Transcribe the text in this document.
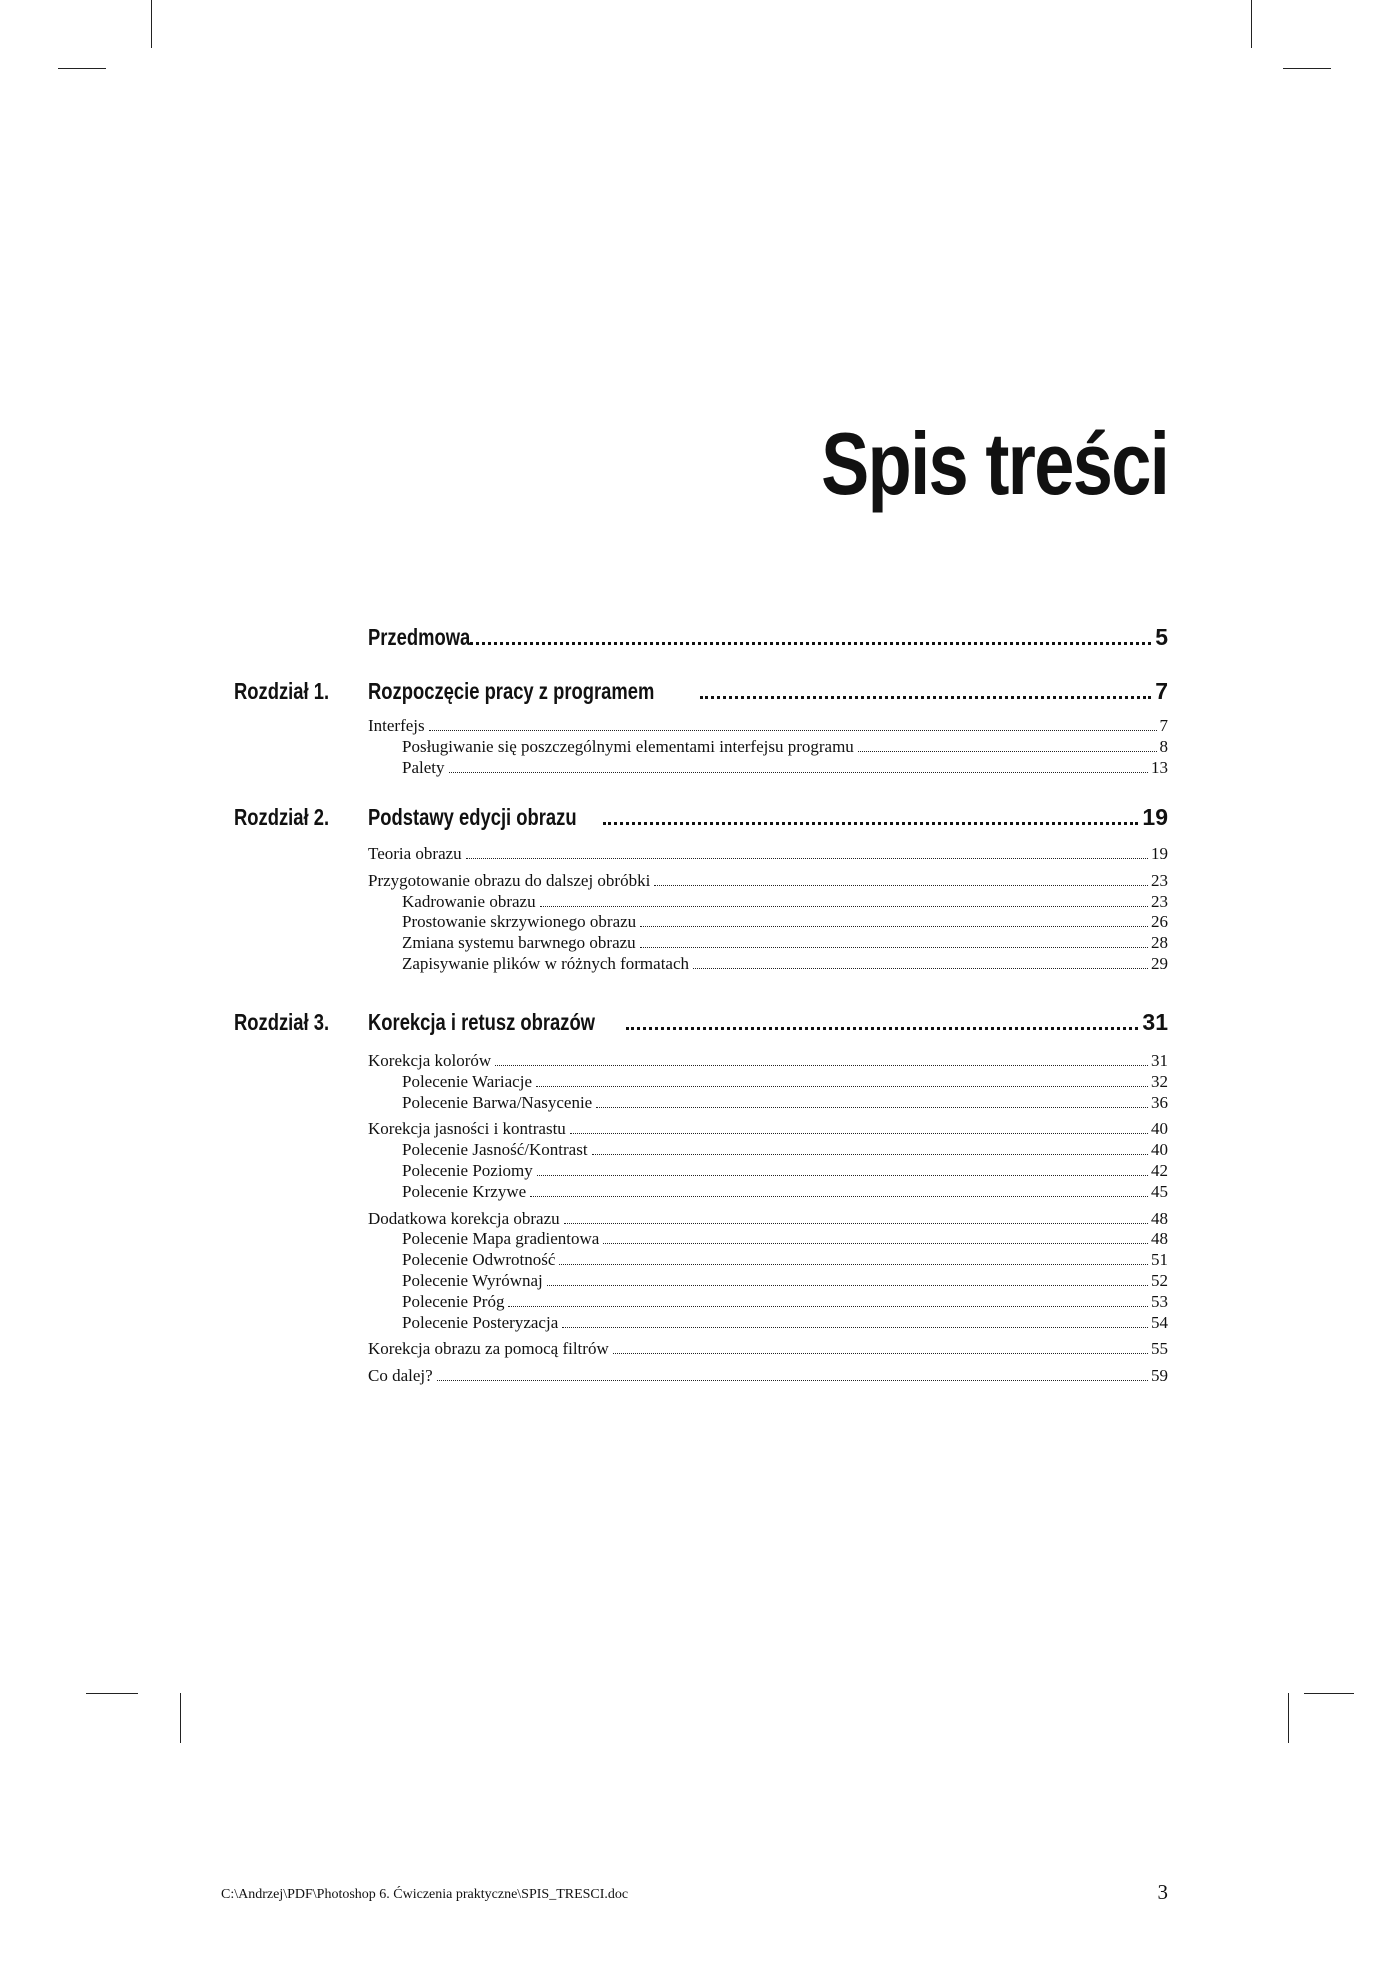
Spis treści
Przedmowa	5
Rozdział 1. Rozpoczęcie pracy z programem	7
Interfejs	7
Posługiwanie się poszczególnymi elementami interfejsu programu	8
Palety	13
Rozdział 2. Podstawy edycji obrazu	19
Teoria obrazu	19
Przygotowanie obrazu do dalszej obróbki	23
Kadrowanie obrazu	23
Prostowanie skrzywionego obrazu	26
Zmiana systemu barwnego obrazu	28
Zapisywanie plików w różnych formatach	29
Rozdział 3. Korekcja i retusz obrazów	31
Korekcja kolorów	31
Polecenie Wariacje	32
Polecenie Barwa/Nasycenie	36
Korekcja jasności i kontrastu	40
Polecenie Jasność/Kontrast	40
Polecenie Poziomy	42
Polecenie Krzywe	45
Dodatkowa korekcja obrazu	48
Polecenie Mapa gradientowa	48
Polecenie Odwrotność	51
Polecenie Wyrównaj	52
Polecenie Próg	53
Polecenie Posteryzacja	54
Korekcja obrazu za pomocą filtrów	55
Co dalej?	59
C:\Andrzej\PDF\Photoshop 6. Ćwiczenia praktyczne\SPIS_TRESCI.doc	3
